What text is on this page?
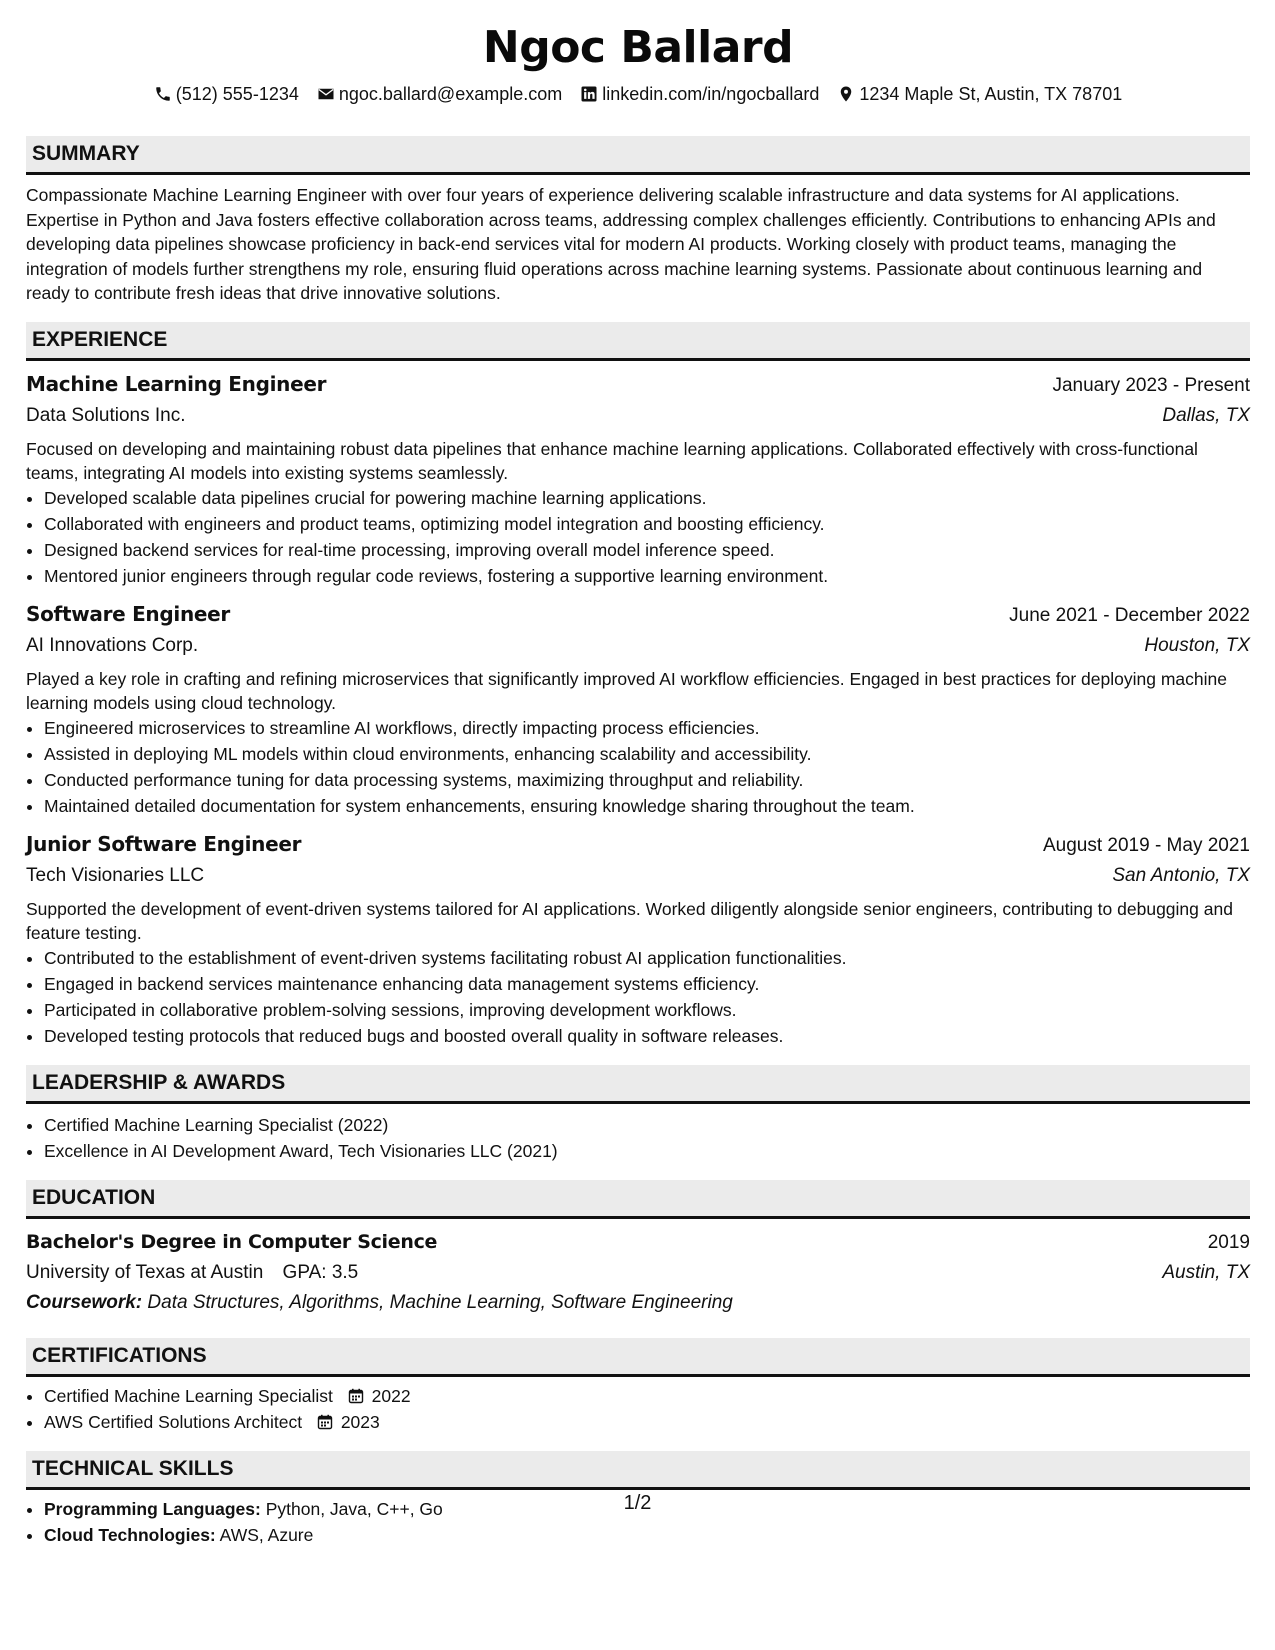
Ngoc Ballard
(512) 555-1234 ngoc.ballard@example.com linkedin.com/in/ngocballard 1234 Maple St, Austin, TX 78701
SUMMARY
Compassionate Machine Learning Engineer with over four years of experience delivering scalable infrastructure and data systems for AI applications. Expertise in Python and Java fosters effective collaboration across teams, addressing complex challenges efficiently. Contributions to enhancing APIs and developing data pipelines showcase proficiency in back-end services vital for modern AI products. Working closely with product teams, managing the integration of models further strengthens my role, ensuring fluid operations across machine learning systems. Passionate about continuous learning and ready to contribute fresh ideas that drive innovative solutions.
EXPERIENCE
Machine Learning Engineer	January 2023 - Present
Data Solutions Inc.	Dallas, TX
Focused on developing and maintaining robust data pipelines that enhance machine learning applications. Collaborated effectively with cross-functional teams, integrating AI models into existing systems seamlessly.
• Developed scalable data pipelines crucial for powering machine learning applications.
• Collaborated with engineers and product teams, optimizing model integration and boosting efficiency.
• Designed backend services for real-time processing, improving overall model inference speed.
• Mentored junior engineers through regular code reviews, fostering a supportive learning environment.
Software Engineer	June 2021 - December 2022
AI Innovations Corp.	Houston, TX
Played a key role in crafting and refining microservices that significantly improved AI workflow efficiencies. Engaged in best practices for deploying machine learning models using cloud technology.
• Engineered microservices to streamline AI workflows, directly impacting process efficiencies.
• Assisted in deploying ML models within cloud environments, enhancing scalability and accessibility.
• Conducted performance tuning for data processing systems, maximizing throughput and reliability.
• Maintained detailed documentation for system enhancements, ensuring knowledge sharing throughout the team.
Junior Software Engineer	August 2019 - May 2021
Tech Visionaries LLC	San Antonio, TX
Supported the development of event-driven systems tailored for AI applications. Worked diligently alongside senior engineers, contributing to debugging and feature testing.
• Contributed to the establishment of event-driven systems facilitating robust AI application functionalities.
• Engaged in backend services maintenance enhancing data management systems efficiency.
• Participated in collaborative problem-solving sessions, improving development workflows.
• Developed testing protocols that reduced bugs and boosted overall quality in software releases.
LEADERSHIP & AWARDS
• Certified Machine Learning Specialist (2022)
• Excellence in AI Development Award, Tech Visionaries LLC (2021)
EDUCATION
Bachelor's Degree in Computer Science	2019
University of Texas at Austin GPA: 3.5	Austin, TX
Coursework: Data Structures, Algorithms, Machine Learning, Software Engineering
CERTIFICATIONS
• Certified Machine Learning Specialist 2022
• AWS Certified Solutions Architect 2023
TECHNICAL SKILLS
• Programming Languages: Python, Java, C++, Go
• Cloud Technologies: AWS, Azure
1/2
